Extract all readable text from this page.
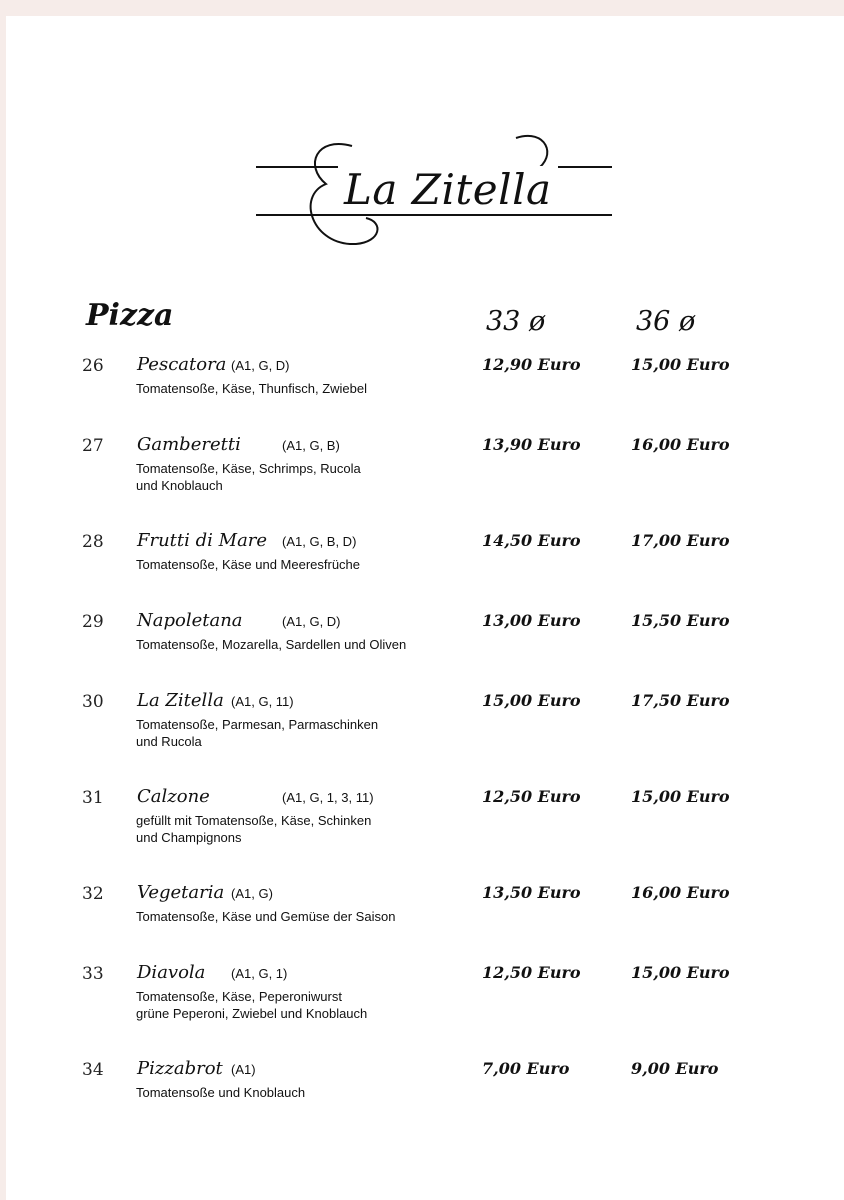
La Zitella
Pizza	33 ø	36 ø
26 Pescatora (A1, G, D)
Tomatensoße, Käse, Thunfisch, Zwiebel
12,90 Euro	15,00 Euro
27 Gamberetti	(A1, G, B)
Tomatensoße, Käse, Schrimps, Rucola
und Knoblauch
13,90 Euro	16,00 Euro
28 Frutti di Mare (A1, G, B, D)
Tomatensoße, Käse und Meeresfrüche
14,50 Euro	17,00 Euro
29 Napoletana	(A1, G, D)
Tomatensoße, Mozarella, Sardellen und Oliven
13,00 Euro	15,50 Euro
30 La Zitella (A1, G, 11)
Tomatensoße, Parmesan, Parmaschinken
und Rucola
15,00 Euro	17,50 Euro
31 Calzone	(A1, G, 1, 3, 11)
gefüllt mit Tomatensoße, Käse, Schinken
und Champignons
12,50 Euro	15,00 Euro
32 Vegetaria (A1, G)
Tomatensoße, Käse und Gemüse der Saison
13,50 Euro	16,00 Euro
33 Diavola (A1, G, 1)
Tomatensoße, Käse, Peperoniwurst
grüne Peperoni, Zwiebel und Knoblauch
12,50 Euro	15,00 Euro
34 Pizzabrot (A1)
Tomatensoße und Knoblauch
7,00 Euro	9,00 Euro
